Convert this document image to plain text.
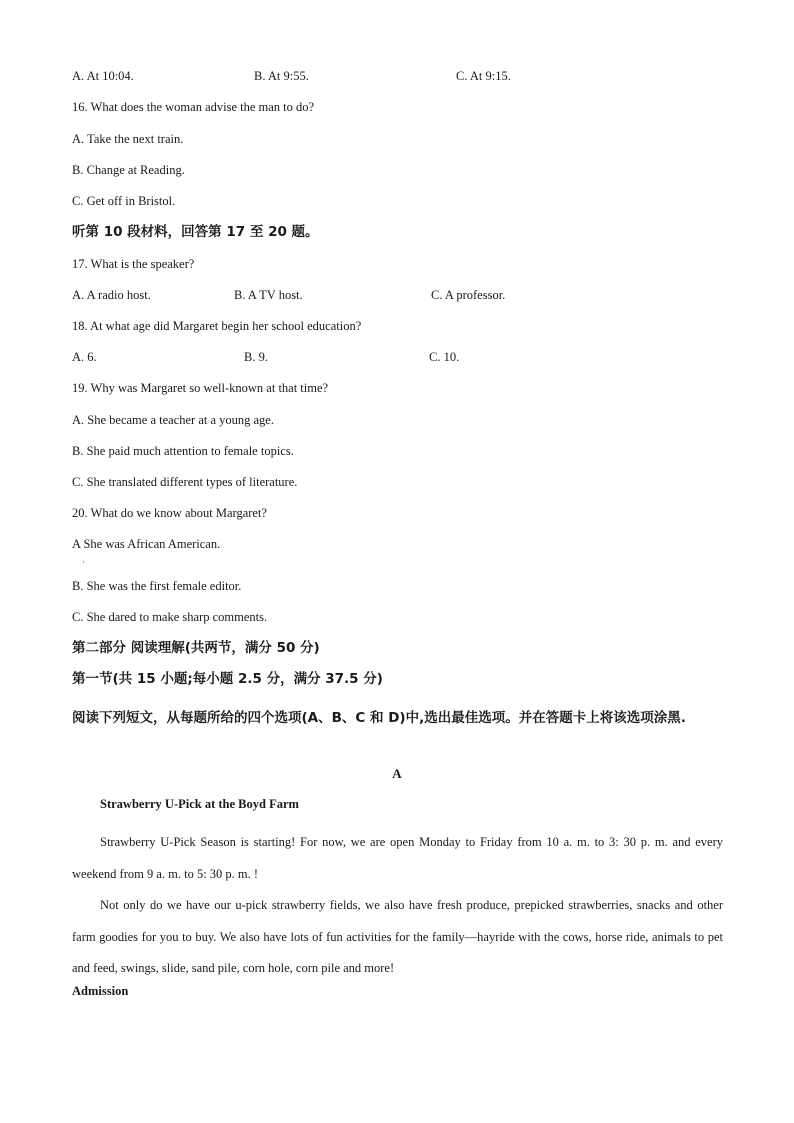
A. At 10:04.	B. At 9:55.	C. At 9:15.
16. What does the woman advise the man to do?
A. Take the next train.
B. Change at Reading.
C. Get off in Bristol.
听第 10 段材料，回答第 17 至 20 题。
17. What is the speaker?
A. A radio host.	B. A TV host.	C. A professor.
18. At what age did Margaret begin her school education?
A. 6.	B. 9.	C. 10.
19. Why was Margaret so well-known at that time?
A. She became a teacher at a young age.
B. She paid much attention to female topics.
C. She translated different types of literature.
20. What do we know about Margaret?
A She was African American.
·
B. She was the first female editor.
C. She dared to make sharp comments.
第二部分 阅读理解(共两节，满分 50 分)
第一节(共 15 小题;每小题 2.5 分，满分 37.5 分)
阅读下列短文，从每题所给的四个选项(A、B、C 和 D)中,选出最佳选项。并在答题卡上将该选项涂黑.
A
Strawberry U-Pick at the Boyd Farm
Strawberry U-Pick Season is starting! For now, we are open Monday to Friday from 10 a. m. to 3: 30 p. m. and every weekend from 9 a. m. to 5: 30 p. m. !
Not only do we have our u-pick strawberry fields, we also have fresh produce, prepicked strawberries, snacks and other farm goodies for you to buy. We also have lots of fun activities for the family—hayride with the cows, horse ride, animals to pet and feed, swings, slide, sand pile, corn hole, corn pile and more!
Admission
